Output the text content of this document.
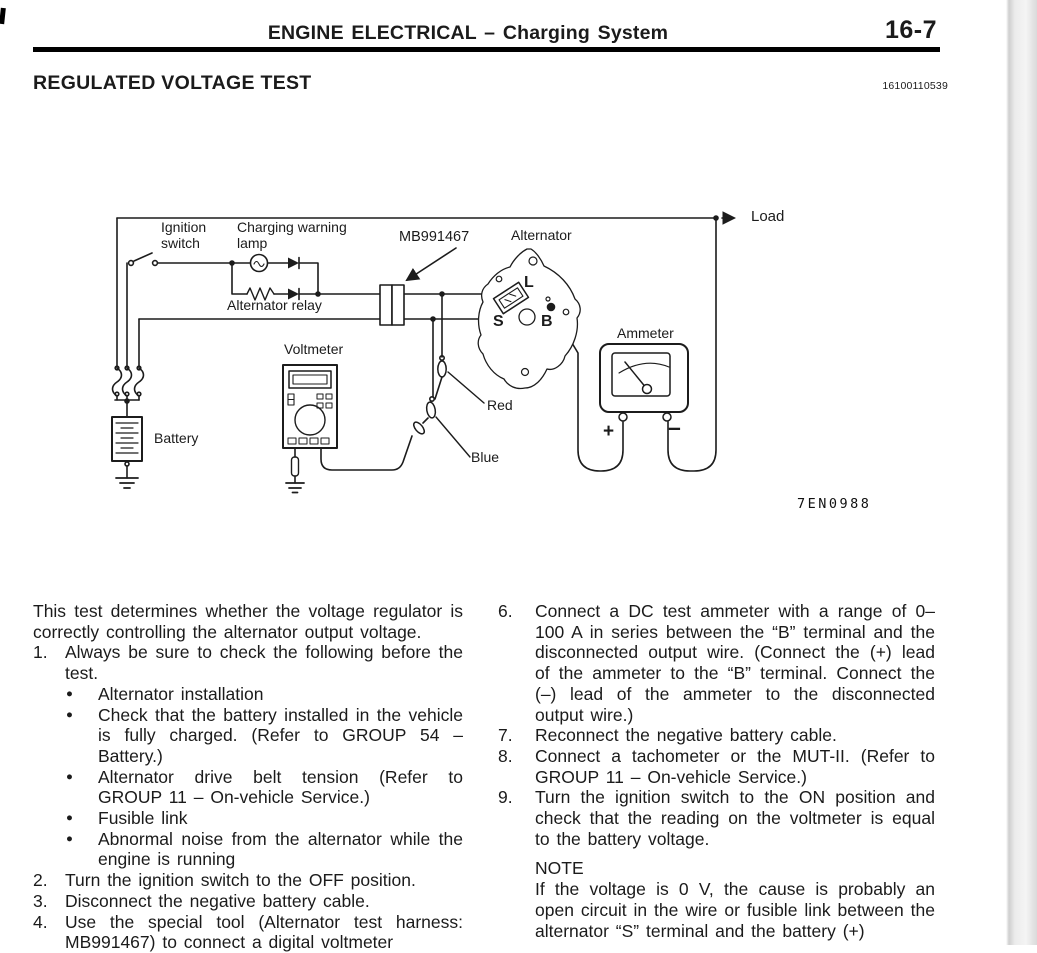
ENGINE ELECTRICAL – Charging System	16-7
REGULATED VOLTAGE TEST	16100110539
Ignition switch
Charging warning lamp	MB991467	Alternator
Alternator relay
Voltmeter
Ammeter
Battery
Red
Blue
Load
L
S B
+ –
7EN0988

This test determines whether the voltage regulator is correctly controlling the alternator output voltage.

1. Always be sure to check the following before the test.
● Alternator installation
● Check that the battery installed in the vehicle is fully charged. (Refer to GROUP 54 – Battery.)
● Alternator drive belt tension (Refer to GROUP 11 – On-vehicle Service.)
● Fusible link
● Abnormal noise from the alternator while the engine is running
2. Turn the ignition switch to the OFF position.
3. Disconnect the negative battery cable.
4. Use the special tool (Alternator test harness: MB991467) to connect a digital voltmeter
6. Connect a DC test ammeter with a range of 0–100 A in series between the “B” terminal and the disconnected output wire. (Connect the (+) lead of the ammeter to the “B” terminal. Connect the (–) lead of the ammeter to the disconnected output wire.)
7. Reconnect the negative battery cable.
8. Connect a tachometer or the MUT-II. (Refer to GROUP 11 – On-vehicle Service.)
9. Turn the ignition switch to the ON position and check that the reading on the voltmeter is equal to the battery voltage.
NOTE
If the voltage is 0 V, the cause is probably an open circuit in the wire or fusible link between the alternator “S” terminal and the battery (+)
